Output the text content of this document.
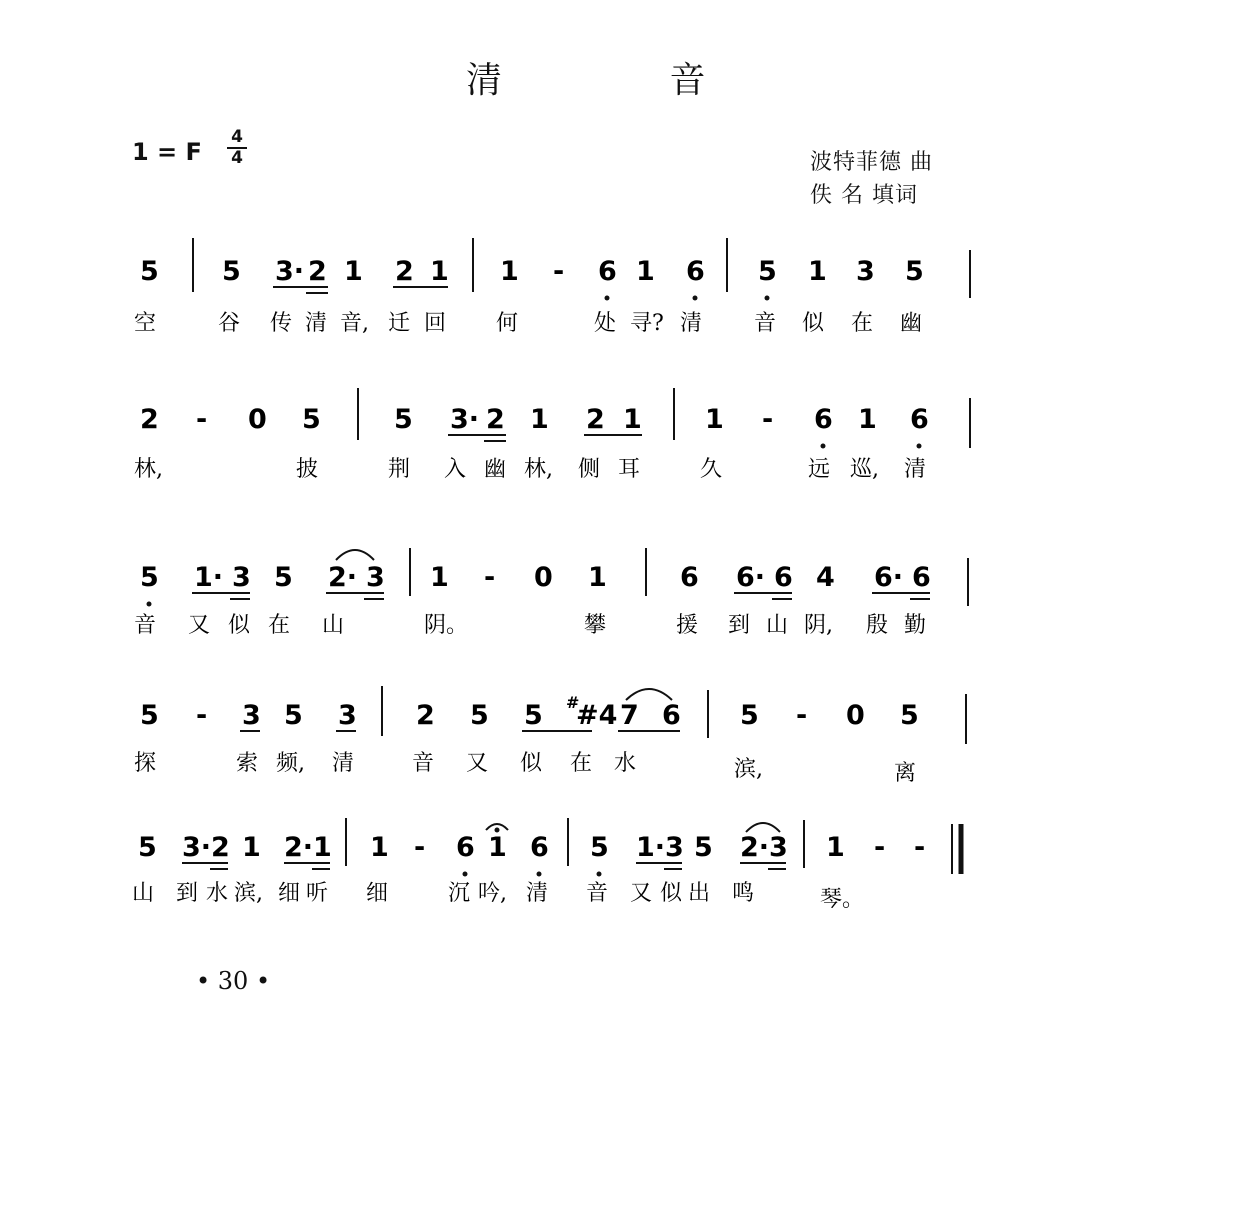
清 音
1 = F
4
4	波特菲德 曲
佚 名 填词
5 5 3· 2 1 2 1 1 - 6 1 6 5 1 3 5
空	谷 传 清 音, 迁 回 何	处 寻? 清 音 似 在 幽
2 - 0 5	5 3· 2 1 2 1 1 - 6 1 6
林,	披	荆 入 幽 林, 侧 耳	久	远 巡, 清
5 1· 3 5 2· 3 1 - 0 1	6 6· 6 4 6· 6
音 又 似 在 山	阴。	攀	援 到 山 阴, 殷 勤
5 - 3 5 3 2 5 5 #
#4 7 6 5 - 0 5
探	索 频, 清	音 又 似 在 水	滨,	离
5 3·2 1 2·1 1 - 6 1 6 5 1·3 5 2·3 1 - -
山 到 水 滨, 细 听 细	沉 吟, 清 音 又 似 出 鸣	琴。
• 30 •
